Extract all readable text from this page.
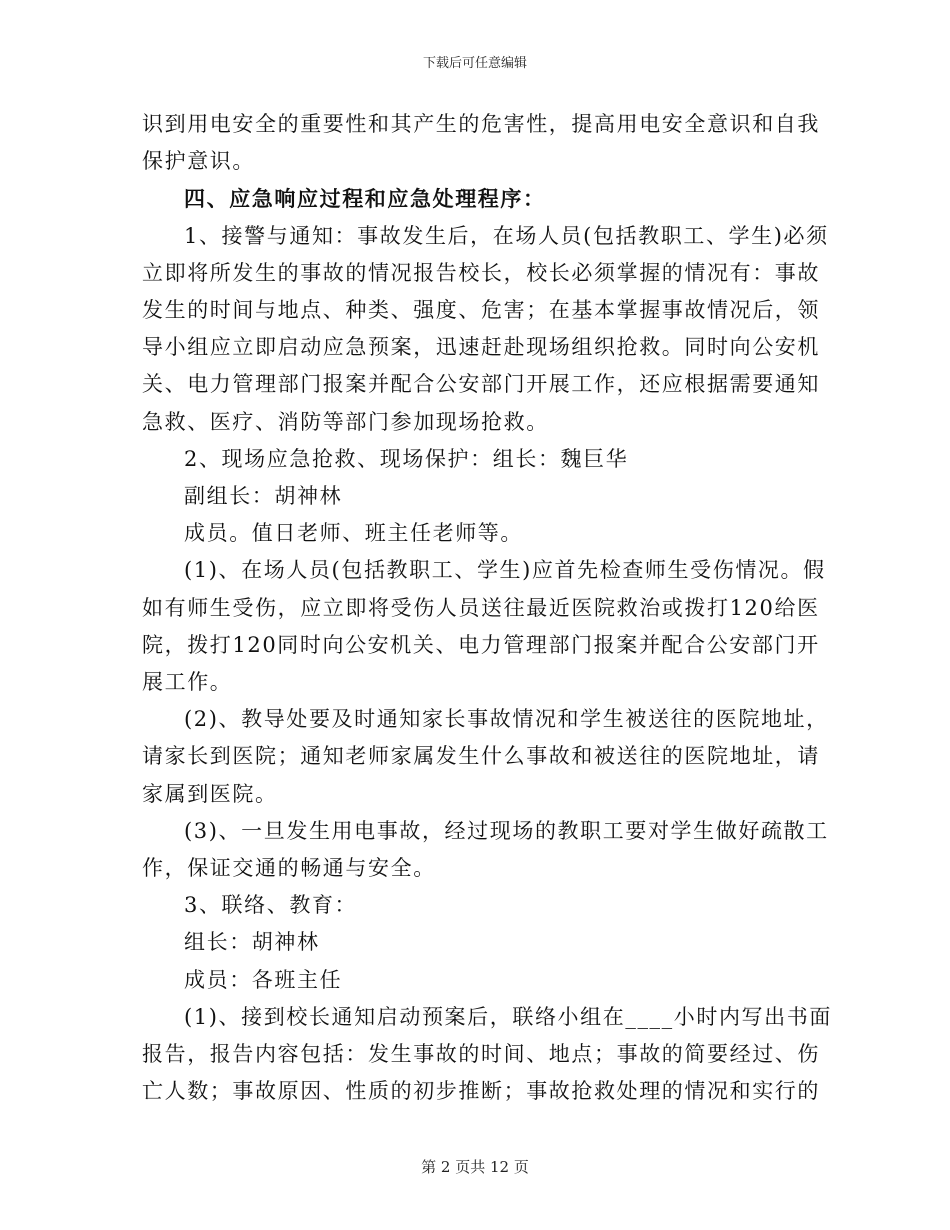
下载后可任意编辑

识到用电安全的重要性和其产生的危害性，提高用电安全意识和自我

保护意识。

四、应急响应过程和应急处理程序：

1、接警与通知：事故发生后，在场人员(包括教职工、学生)必须

立即将所发生的事故的情况报告校长，校长必须掌握的情况有：事故

发生的时间与地点、种类、强度、危害；在基本掌握事故情况后，领

导小组应立即启动应急预案，迅速赶赴现场组织抢救。同时向公安机

关、电力管理部门报案并配合公安部门开展工作，还应根据需要通知

急救、医疗、消防等部门参加现场抢救。

2、现场应急抢救、现场保护：组长：魏巨华

副组长：胡神林

成员。值日老师、班主任老师等。

(1)、在场人员(包括教职工、学生)应首先检查师生受伤情况。假

如有师生受伤，应立即将受伤人员送往最近医院救治或拨打120给医

院，拨打120同时向公安机关、电力管理部门报案并配合公安部门开

展工作。

(2)、教导处要及时通知家长事故情况和学生被送往的医院地址，

请家长到医院；通知老师家属发生什么事故和被送往的医院地址，请

家属到医院。

(3)、一旦发生用电事故，经过现场的教职工要对学生做好疏散工

作，保证交通的畅通与安全。

3、联络、教育：

组长：胡神林

成员：各班主任

(1)、接到校长通知启动预案后，联络小组在____小时内写出书面

报告，报告内容包括：发生事故的时间、地点；事故的简要经过、伤

亡人数；事故原因、性质的初步推断；事故抢救处理的情况和实行的

第 2 页共 12 页
